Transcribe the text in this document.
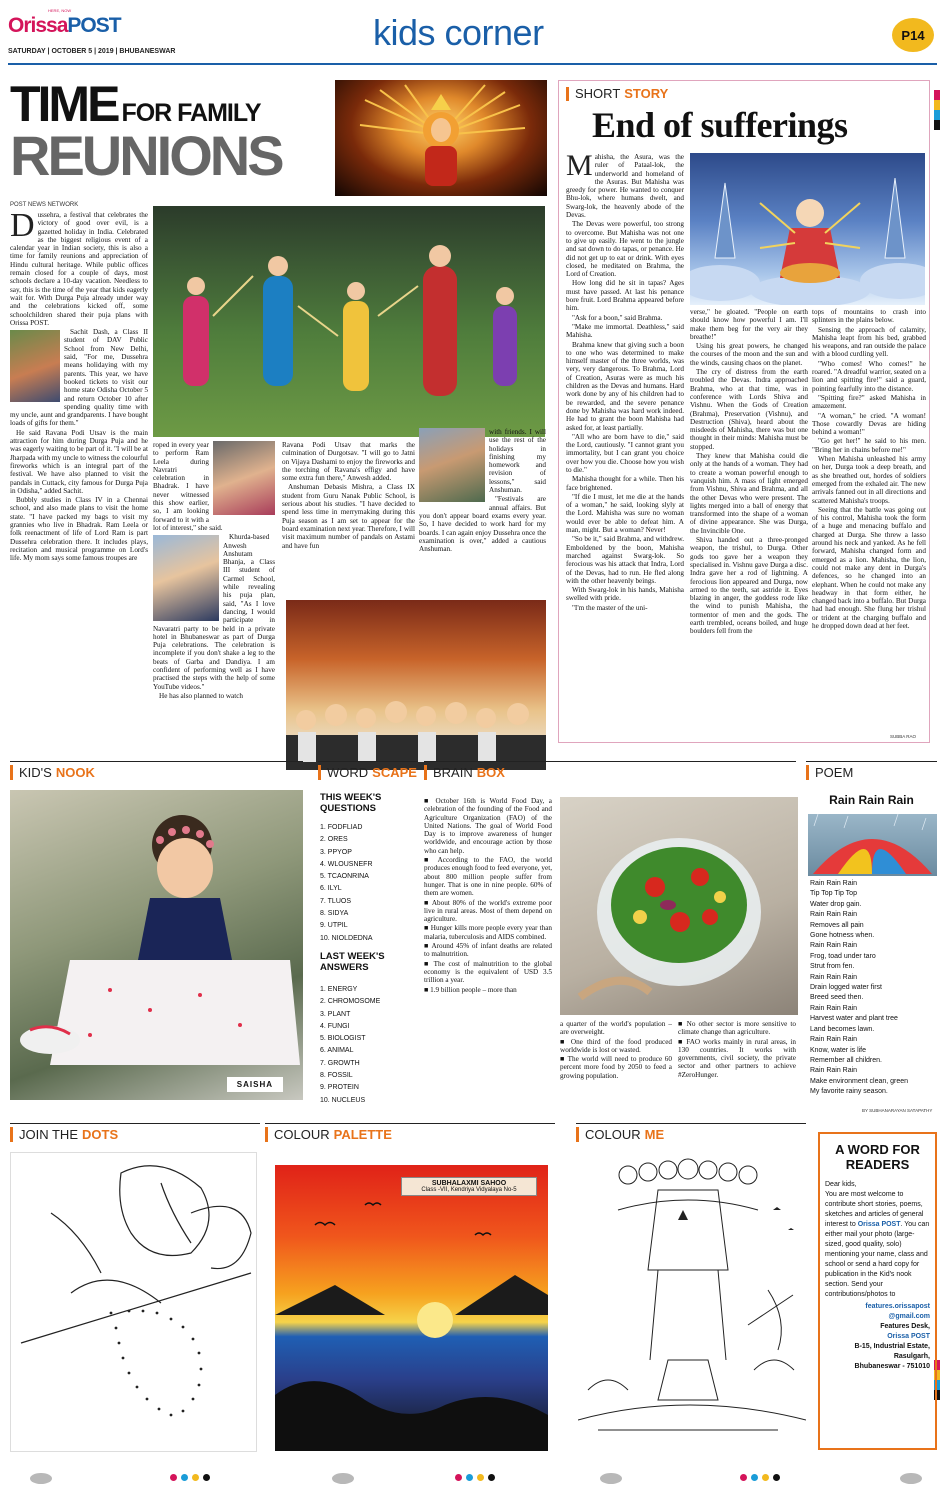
OrissaPOST
HERE, NOW
SATURDAY | OCTOBER 5 | 2019 | BHUBANESWAR	kids corner	P14
TIME FOR FAMILY
REUNIONS
POST NEWS NETWORK
D ussehra, a festival that celebrates the victory of good over evil, is a gazetted holiday in India. Celebrated as the biggest religious event of a calendar year in Indian society, this is also a time for family reunions and appreciation of Hindu cultural heritage. While public offices remain closed for a couple of days, most schools declare a 10-day vacation. Needless to say, this is the time of the year that kids eagerly wait for. With Durga Puja already under way and the celebrations kicked off, some schoolchildren shared their puja plans with Orissa POST.

Sachit Dash, a Class II student of DAV Public School from New Delhi, said, "For me, Dussehra means holidaying with my parents. This year, we have booked tickets to visit our home state Odisha October 5 and return October 10 after spending quality time with my uncle, aunt and grandparents. I have bought loads of gifts for them."

He said Ravana Podi Utsav is the main attraction for him during Durga Puja and he was eagerly waiting to be part of it. "I will be at Jharpada with my uncle to witness the colourful fireworks which is an integral part of the festival. We have also planned to visit the pandals in Cuttack, city famous for Durga Puja in Odisha," added Sachit.

Bubbly studies in Class IV in a Chennai school, and also made plans to visit the home state. "I have packed my bags to visit my grannies who live in Bhadrak. Ram Leela or folk reenactment of life of Lord Ram is part Dussehra celebration there. It includes plays, recitation and musical programme on Lord's life. My mom says some famous troupes are

roped in every year to perform Ram Leela during Navratri celebration in Bhadrak. I have never witnessed this show earlier, so, I am looking forward to it with a lot of interest," she said.

Khurda-based Anwesh Anshutam Bhanja, a Class III student of Carmel School, while revealing his puja plan, said, "As I love dancing, I would participate in Navaratri party to be held in a private hotel in Bhubaneswar as part of Durga Puja celebrations. The celebration is incomplete if you don't shake a leg to the beats of Garba and Dandiya. I am confident of performing well as I have practised the steps with the help of some YouTube videos."

He has also planned to watch

Ravana Podi Utsav that marks the culmination of Durgotsav. "I will go to Jatni on Vijaya Dashami to enjoy the fireworks and the torching of Ravana's effigy and have some extra fun there," Anwesh added.

Anshuman Debasis Mishra, a Class IX student from Guru Nanak Public School, is serious about his studies. "I have decided to spend less time in merrymaking during this Puja season as I am set to appear for the board examination next year. Therefore, I will visit maximum number of pandals on Astami and have fun

with friends. I will use the rest of the holidays in finishing my homework and revision of lessons," said Anshuman.

"Festivals are annual affairs. But you don't appear board exams every year. So, I have decided to work hard for my boards. I can again enjoy Dussehra once the examination is over," added a cautious Anshuman.

SHORT STORY
End of sufferings
M ahisha, the Asura, was the ruler of Pataal-lok, the underworld and homeland of the Asuras. But Mahisha was greedy for power. He wanted to conquer Bhu-lok, where humans dwelt, and Swarg-lok, the heavenly abode of the Devas.

The Devas were powerful, too strong to overcome. But Mahisha was not one to give up easily. He went to the jungle and sat down to do tapas, or penance. He did not get up to eat or drink. With eyes closed, he meditated on Brahma, the Lord of Creation.

How long did he sit in tapas? Ages must have passed. At last his penance bore fruit. Lord Brahma appeared before him.

"Ask for a boon," said Brahma.

"Make me immortal. Deathless," said Mahisha.

Brahma knew that giving such a boon to one who was determined to make himself master of the three worlds, was very, very dangerous. To Brahma, Lord of Creation, Asuras were as much his children as the Devas and humans. Hard work done by any of his children had to be rewarded, and the severe penance done by Mahisha was hard work indeed. He had to grant the boon Mahisha had asked for, at least partially.

"All who are born have to die," said the Lord, cautiously. "I cannot grant you immortality, but I can grant you choice over how you die. Choose how you wish to die."

Mahisha thought for a while. Then his face brightened.

"If die I must, let me die at the hands of a woman," he said, looking slyly at the Lord. Mahisha was sure no woman would ever be able to defeat him. A man, might. But a woman? Never!

"So be it," said Brahma, and withdrew. Emboldened by the boon, Mahisha marched against Swarg-lok. So ferocious was his attack that Indra, Lord of the Devas, had to run. He fled along with the other heavenly beings.

With Swarg-lok in his hands, Mahisha swelled with pride.

"I'm the master of the uni-

verse," he gloated. "People on earth should know how powerful I am. I'll make them beg for the very air they breathe!"

Using his great powers, he changed the courses of the moon and the sun and the winds, causing chaos on the planet.

The cry of distress from the earth troubled the Devas. Indra approached Brahma, who at that time, was in conference with Lords Shiva and Vishnu. When the Gods of Creation (Brahma), Preservation (Vishnu), and Destruction (Shiva), heard about the misdeeds of Mahisha, there was but one thought in their minds: Mahisha must be stopped.

They knew that Mahisha could die only at the hands of a woman. They had to create a woman powerful enough to vanquish him. A mass of light emerged from Vishnu, Shiva and Brahma, and all the other Devas who were present. The lights merged into a ball of energy that transformed into the shape of a woman of divine appearance. She was Durga, the Invincible One.

Shiva handed out a three-pronged weapon, the trishul, to Durga. Other gods too gave her a weapon they specialised in. Vishnu gave Durga a disc. Indra gave her a rod of lightning. A ferocious lion appeared and Durga, now armed to the teeth, sat astride it. Eyes blazing in anger, the goddess rode like the wind to punish Mahisha, the tormentor of men and the gods. The earth trembled, oceans boiled, and huge boulders fell from the

tops of mountains to crash into splinters in the plains below.

Sensing the approach of calamity, Mahisha leapt from his bed, grabbed his weapons, and ran outside the palace with a blood curdling yell.

"Who comes! Who comes!" he roared. "A dreadful warrior, seated on a lion and spitting fire!" said a guard, pointing fearfully into the distance.

"Spitting fire?" asked Mahisha in amazement.

"A woman," he cried. "A woman! Those cowardly Devas are hiding behind a woman!"

"Go get her!" he said to his men. "Bring her in chains before me!"

When Mahisha unleashed his army on her, Durga took a deep breath, and as she breathed out, hordes of soldiers emerged from the exhaled air. The new arrivals fanned out in all directions and scattered Mahisha's troops.

Seeing that the battle was going out of his control, Mahisha took the form of a huge and menacing buffalo and charged at Durga. She threw a lasso around his neck and yanked. As he fell forward, Mahisha changed form and emerged as a lion. Mahisha, the lion, could not make any dent in Durga's defences, so he changed into an elephant. When he could not make any headway in that form either, he changed back into a buffalo. But Durga had had enough. She flung her trishul or trident at the charging buffalo and he dropped down dead at her feet.

SUBBA RAO
KID'S NOOK
SAISHA
WORD SCAPE
THIS WEEK'S QUESTIONS
1. FODFLIAD
2. ORES
3. PPYOP
4. WLOUSNEFR
5. TCAONRINA
6. ILYL
7. TLUOS
8. SIDYA
9. UTPIL
10. NIOLDEDNA
LAST WEEK'S ANSWERS
1. ENERGY
2. CHROMOSOME
3. PLANT
4. FUNGI
5. BIOLOGIST
6. ANIMAL
7. GROWTH
8. FOSSIL
9. PROTEIN
10. NUCLEUS
BRAIN BOX

■ October 16th is World Food Day, a celebration of the founding of the Food and Agriculture Organization (FAO) of the United Nations. The goal of World Food Day is to improve awareness of hunger worldwide, and encourage action by those who can help.

■ According to the FAO, the world produces enough food to feed everyone, yet, about 800 million people suffer from hunger. That is one in nine people. 60% of them are women.

■ About 80% of the world's extreme poor live in rural areas. Most of them depend on agriculture.

■ Hunger kills more people every year than malaria, tuberculosis and AIDS combined.

■ Around 45% of infant deaths are related to malnutrition.

■ The cost of malnutrition to the global economy is the equivalent of USD 3.5 trillion a year.

■ 1.9 billion people – more than

a quarter of the world's population – are overweight.

■ One third of the food produced worldwide is lost or wasted.

■ The world will need to produce 60 percent more food by 2050 to feed a growing population.

■ No other sector is more sensitive to climate change than agriculture.

■ FAO works mainly in rural areas, in 130 countries. It works with governments, civil society, the private sector and other partners to achieve #ZeroHunger.

POEM
Rain Rain Rain
Rain Rain Rain
Tip Top Tip Top
Water drop gain.
Rain Rain Rain
Removes all pain
Gone hotness when.
Rain Rain Rain
Frog, toad under taro
Strut from fen.
Rain Rain Rain
Drain logged water first
Breed seed then.
Rain Rain Rain
Harvest water and plant tree
Land becomes lawn.
Rain Rain Rain
Know, water is life
Remember all children.
Rain Rain Rain
Make environment clean, green
My favorite rainy season.
BY SUBHANARAYAN SATAPATHY
JOIN THE DOTS	COLOUR PALETTE
SUBHALAXMI SAHOO
Class -VII, Kendriya Vidyalaya No-5
COLOUR ME
A WORD FOR READERS
Dear kids,
You are most welcome to contribute short stories, poems, sketches and articles of general interest to Orissa POST. You can either mail your photo (large-sized, good quality, solo) mentioning your name, class and school or send a hard copy for publication in the Kid's nook section. Send your contributions/photos to
features.orissapost @gmail.com
Features Desk,
Orissa POST
B-15, Industrial Estate,
Rasulgarh,
Bhubaneswar - 751010
